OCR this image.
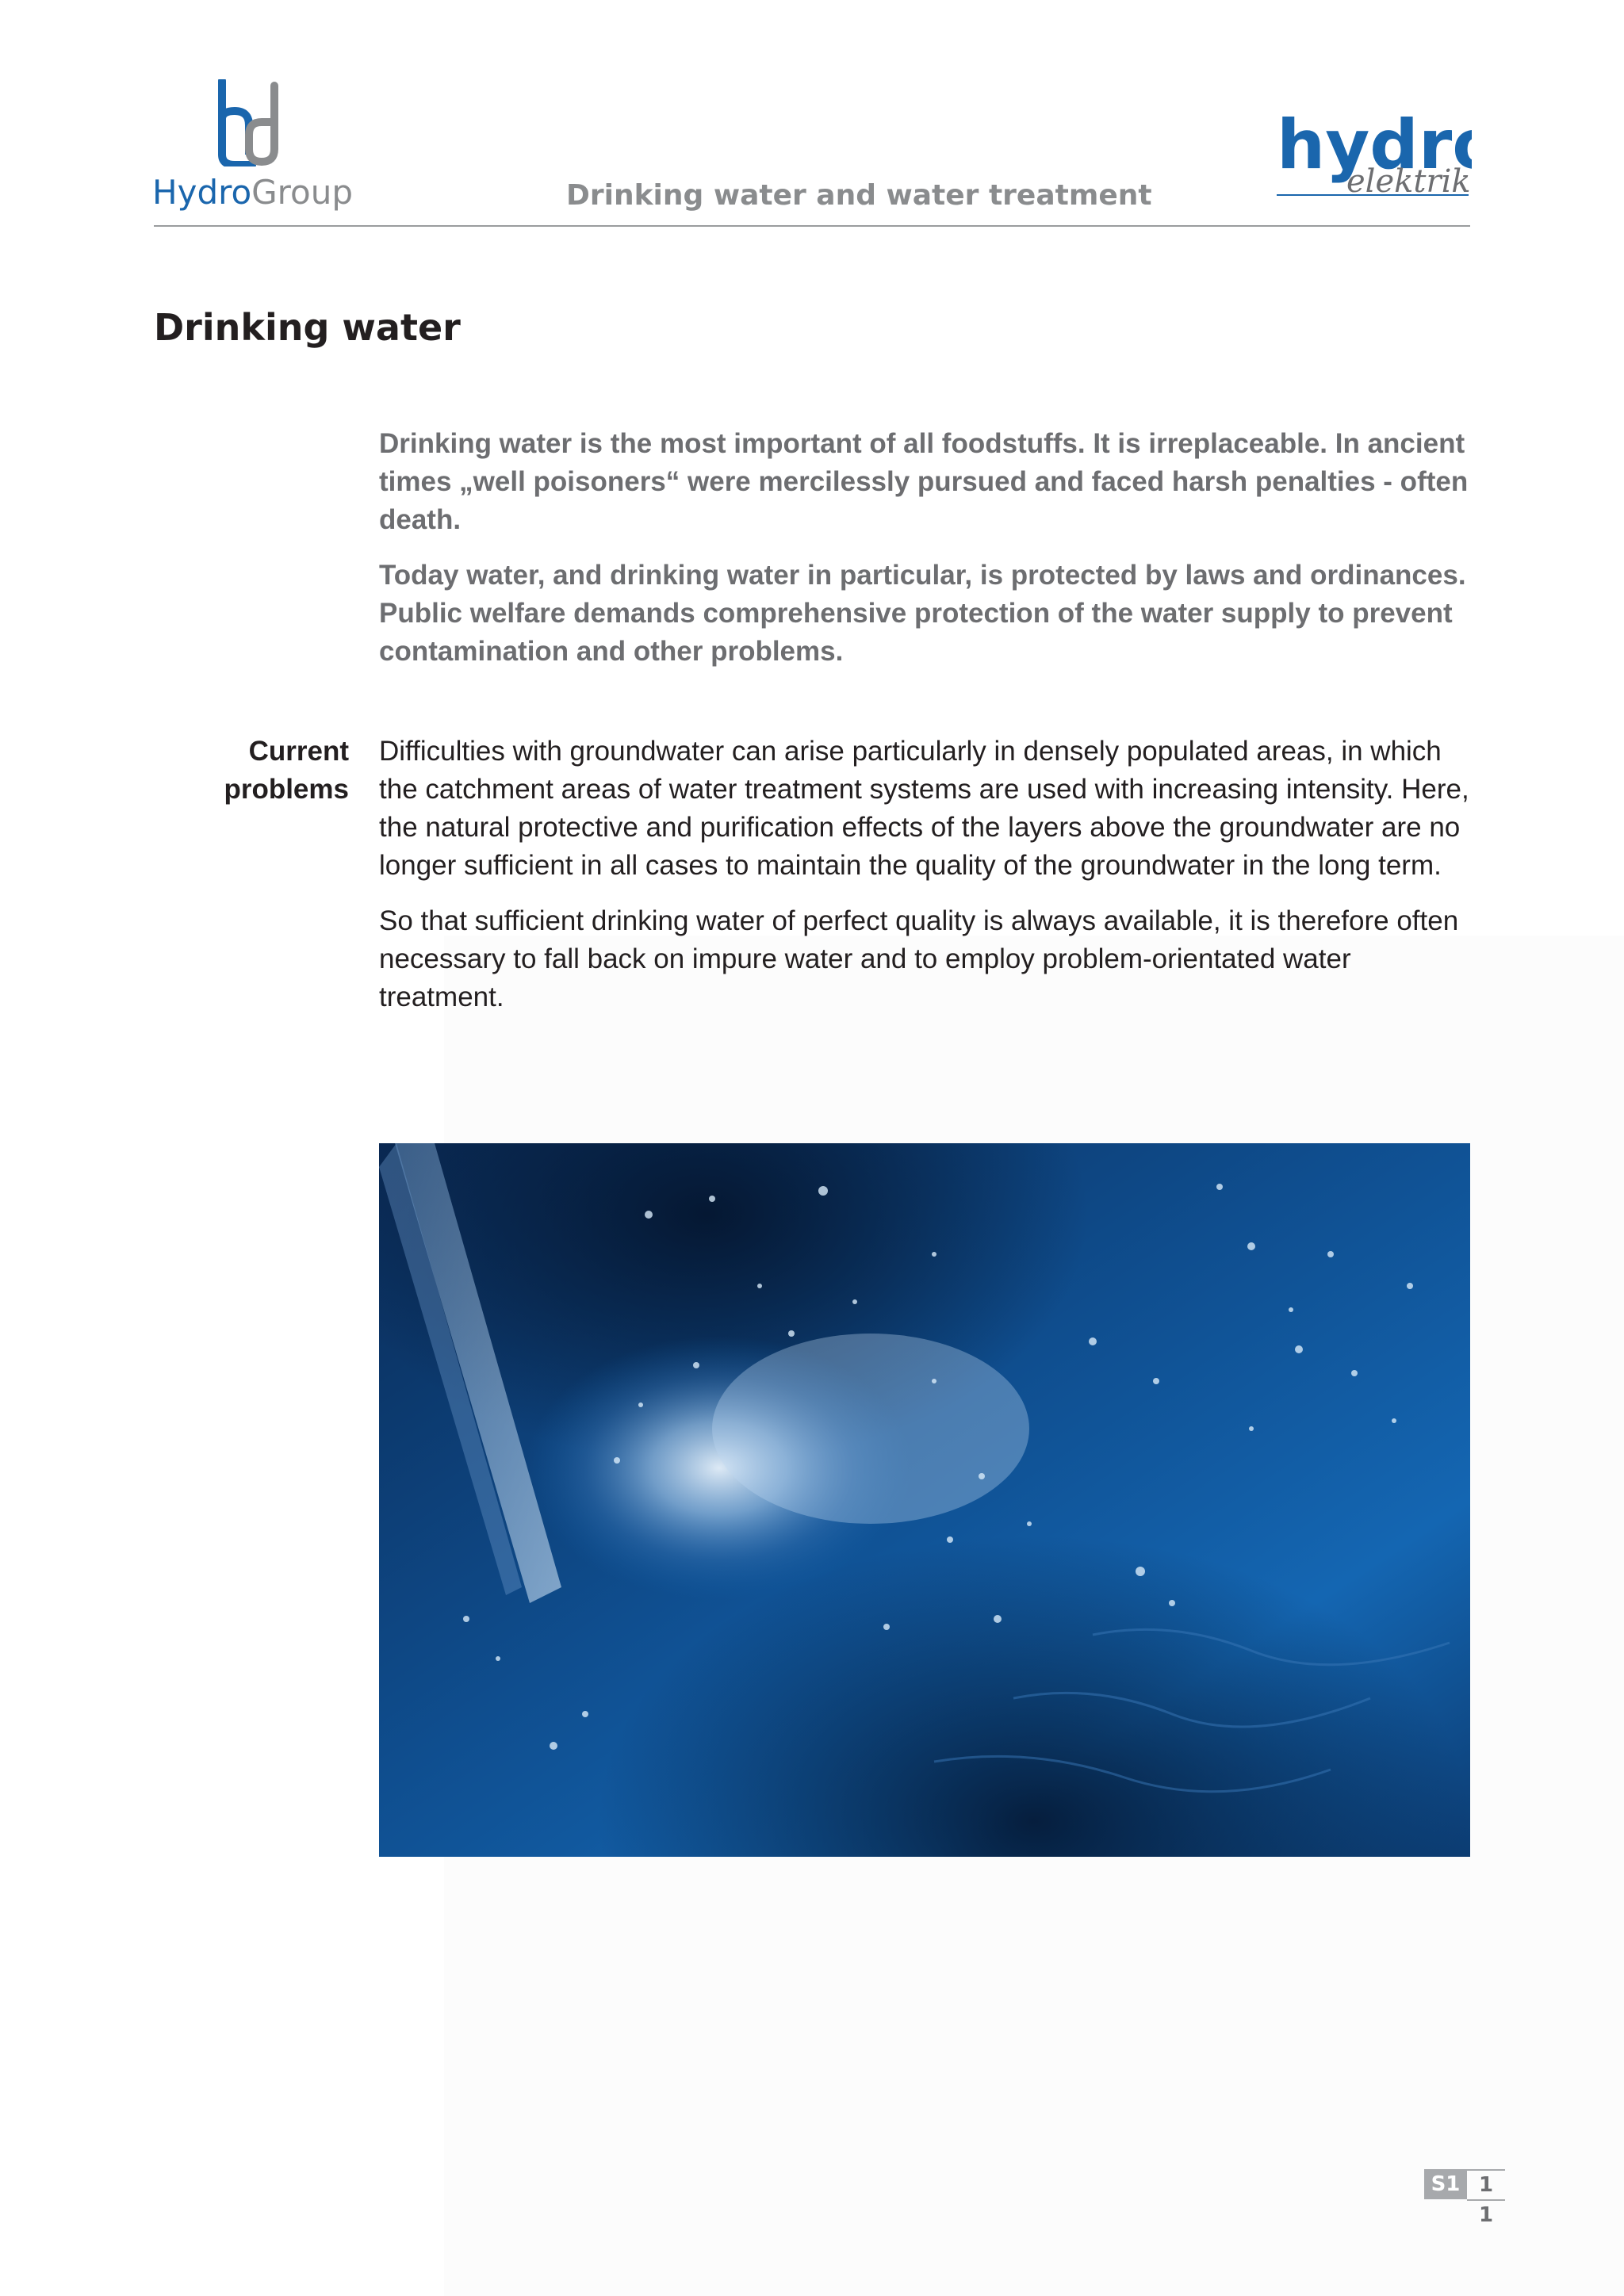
HydroGroup	Drinking water and water treatment
hydr
elektrik
Drinking water

Drinking water is the most important of all foodstuffs. It is irreplaceable. In ancient times „well poisoners“ were mercilessly pursued and faced harsh penalties - often death.

Today water, and drinking water in particular, is protected by laws and ordinances. Public welfare demands comprehensive protection of the water supply to prevent contamination and other problems.

Current problems

Difficulties with groundwater can arise particularly in densely populated areas, in which the catchment areas of water treatment systems are used with increasing intensity. Here, the natural protective and purification effects of the layers above the groundwater are no longer sufficient in all cases to maintain the quality of the groundwater in the long term.

So that sufficient drinking water of perfect quality is always available, it is therefore often necessary to fall back on impure water and to employ problem-orientated water treatment.

S1 1
1
